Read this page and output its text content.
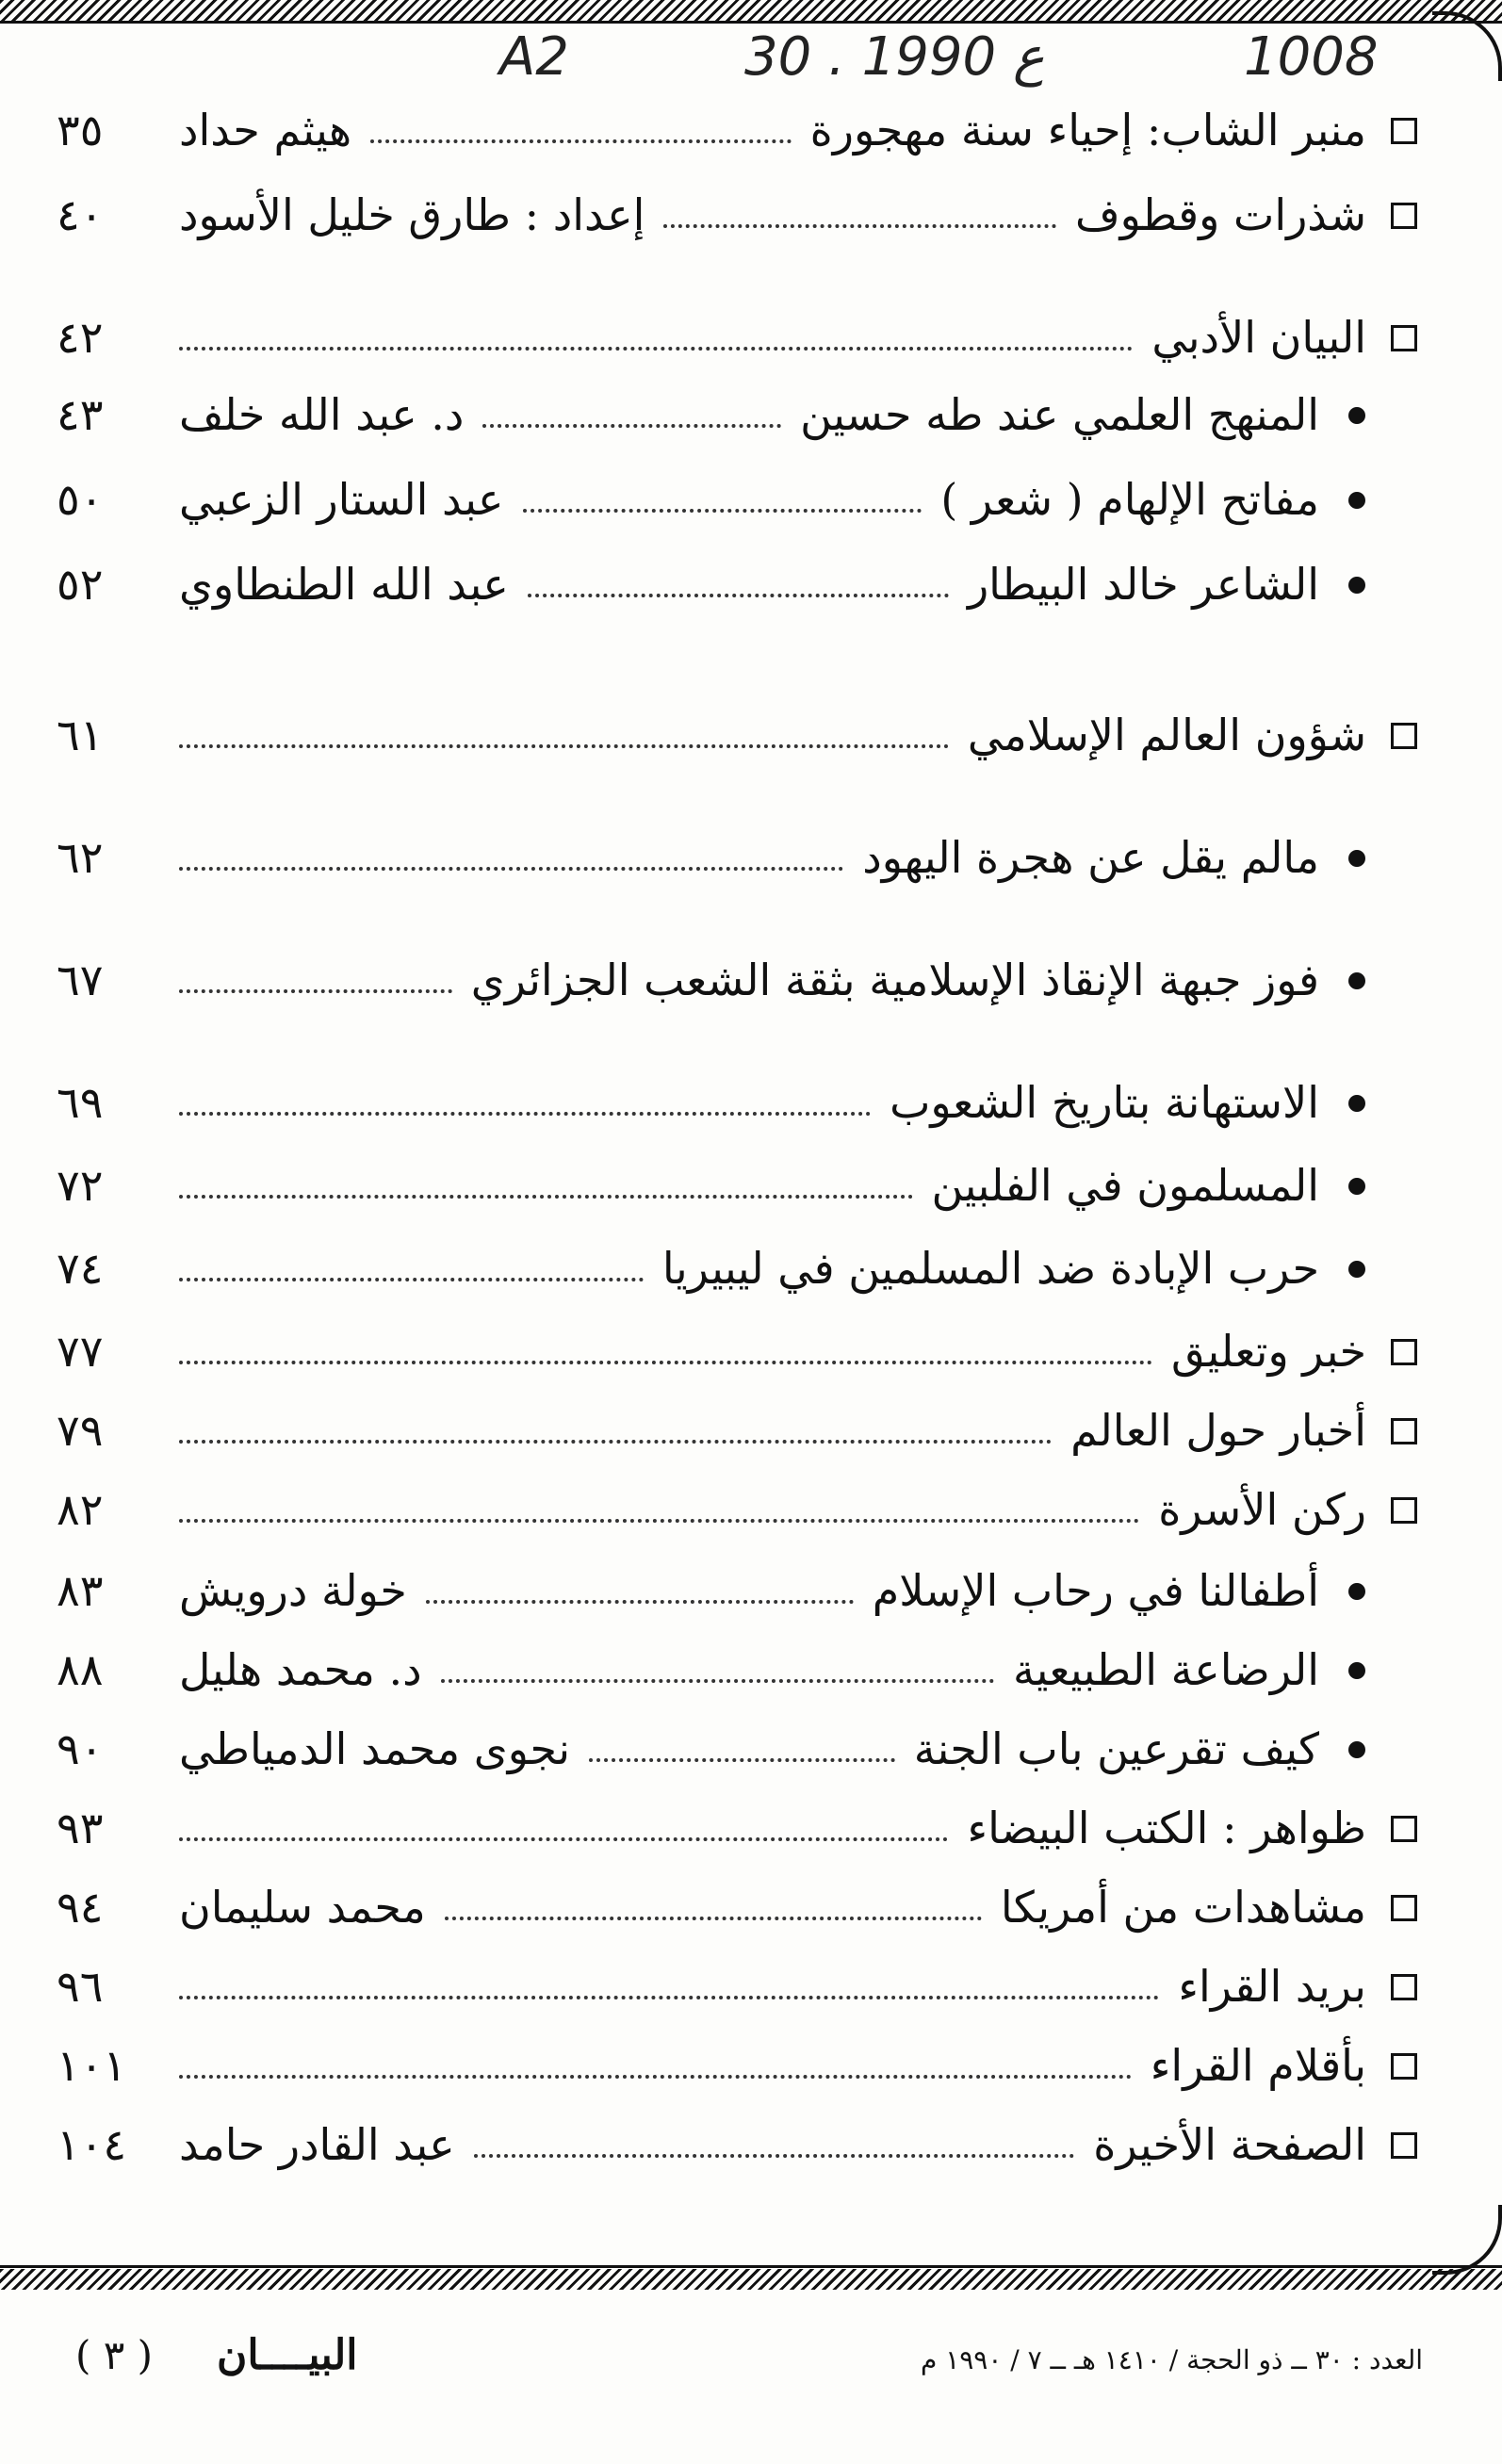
A2	30 . ع 1990	1008
منبر الشاب: إحياء سنة مهجورة
هيثم حداد
٣٥
شذرات وقطوف
إعداد : طارق خليل الأسود
٤٠
البيان الأدبي
٤٢
المنهج العلمي عند طه حسين
د. عبد الله خلف
٤٣
مفاتح الإلهام ( شعر )
عبد الستار الزعبي
٥٠
الشاعر خالد البيطار
عبد الله الطنطاوي
٥٢
شؤون العالم الإسلامي
٦١
مالم يقل عن هجرة اليهود
٦٢
فوز جبهة الإنقاذ الإسلامية بثقة الشعب الجزائري
٦٧
الاستهانة بتاريخ الشعوب
٦٩
المسلمون في الفلبين
٧٢
حرب الإبادة ضد المسلمين في ليبيريا
٧٤
خبر وتعليق
٧٧
أخبار حول العالم
٧٩
ركن الأسرة
٨٢
أطفالنا في رحاب الإسلام
خولة درويش
٨٣
الرضاعة الطبيعية
د. محمد هليل
٨٨
كيف تقرعين باب الجنة
نجوى محمد الدمياطي
٩٠
ظواهر : الكتب البيضاء
٩٣
مشاهدات من أمريكا
محمد سليمان
٩٤
بريد القراء
٩٦
بأقلام القراء
١٠١
الصفحة الأخيرة
عبد القادر حامد
١٠٤
العدد : ٣٠ ــ ذو الحجة / ١٤١٠ هـ ــ ٧ / ١٩٩٠ م
البيــــان
( ٣ )
